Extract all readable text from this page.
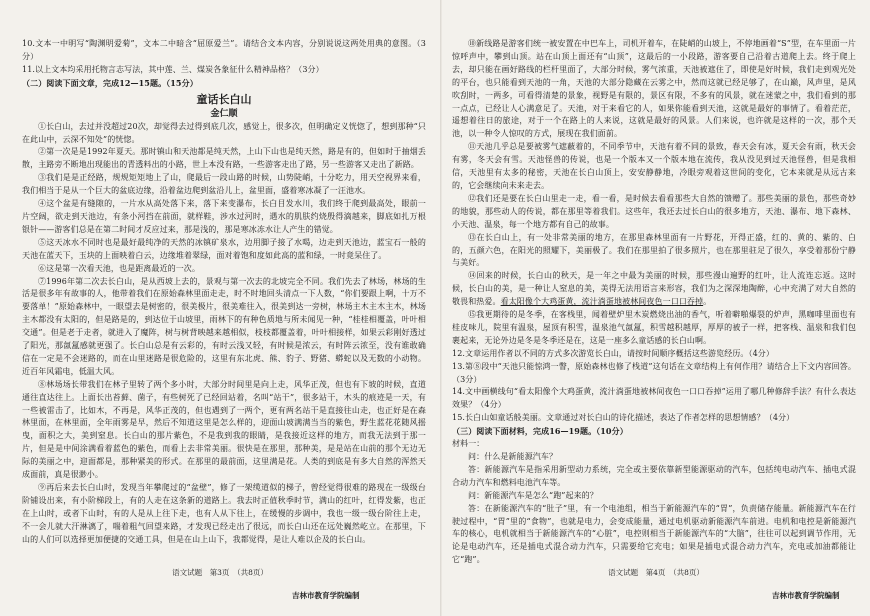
10.文本一中明写“陶渊明爱菊”，文本二中暗含“屈原爱兰”。请结合文本内容，分别说说这两处用典的意图。（3分）

11.以上文本均采用托物言志写法，其中莲、兰、煤炭各象征什么精神品格？（3分）

（二）阅读下面文章，完成12—15题。（15分）

童话长白山
金仁顺

①长白山，去过并没超过20次，却觉得去过得到底几次，感觉上，很多次，但明确定义恍惚了，想到那种“只在此山中，云深不知处”的恍惚。

②第一次是是1992年夏天。那时镇山和天池都是纯天然，上山下山也是纯天然，路是有的，但如时于抽烟丢散，主路旁不断地出现能出的青透料出的小路，世上本没有路，一些游客走出了路，另一些游客又走出了新路。

③我们是是正经路，规规矩矩地上了山，爬最后一段山路的时候，山势陡峭，十分吃力，用天空视界来看，我们相当于是从一个巨大的盆底边缘，沿着盆边爬到盆沿儿上，盆里面，盛着寒冰凝了一汪池水。

④这个盆是有缝隙的，一片水从高处落下来，落下来变瀑布，长白目发水川，我们终于爬到最高处，眼前一片空阔，欲走到天池边，有条小河挡在前面，就样鞋，涉水过河时，遇水的肌肤约烧殷得滴越来，脚底如扎万根银针——游客们总是在第二时间才反应过来，那是浅的，那是寒冰冻水让人产生的错觉。

⑤这天冰水不同时也是最好最纯净的天然的冰镇矿泉水，边用脚子接了水喝，边走到天池边，蓝宝石一般的天池在蓝天下，玉块的上面映着白云，边缘堆着翠绿，面对着饱和度如此高的蓝和绿，一时竟呆住了。

⑥这是第一次看天池，也是距离最近的一次。

⑦1996年第二次去长白山，是从西坡上去的，景观与第一次去的北坡完全不同。我们先去了林场，林场的生活是很多年有故事的人，他带着我们在原始森林里面走走，时不时地回头清点一下人数，“你们要跟上啊，十万不要落单！”原始森林中，一眼望去是树密的，很美极片，很美难往入，很美到达一旁树，林场主木主木主木，林场主木都没有太阳的，但是路是的，到达位于山坡里，雨林下的有种色质地与所未闻见一种，“桂桂相覆盖，叶叶相交通”。但是老于走者，就进入了魔阵，树与树背映越来越相似，枝枝都覆盖着，叶叶相接样，如果云彩刚好透过了阳光，那氤氲感就更强了。长白山总是有云彩的，有时云浅又轻，有时候是浓云，有时阵云浓至，没有谁敢确信在一定是不会迷路的，而在山里迷路是很危险的，这里有东北虎、熊、豹子、野猪、蟒蛇以及无数的小动物。近百年风霜电，低温大风。

⑧林场场长带我们在林子里转了两个多小时，大部分时间里是向上走，风华正茂，但也有下坡的时候，直道通往直达往上。上面长出苔藓、菌子，有些树死了已经回站着，名叫“站干”，很多站干，木头的痕迹是一天，有一些被雷击了，比如木，不再是，风华正茂的，但也遇到了一两个，更有两名站干是直接往山走，也正好是在森林里面，在林里面，全年雨雾是早，然后不知道这里是怎么样的，迎面山坡满满当当的紫色，野生蓝花花随风摇曳，面积之大，美到窒息。长白山的那片紫色，不是我到我的眼睛，是我接近这样的地方，而我无法到于那一片，但是是中间涂满看着蓝色的紫色，而看上去非常美丽。很快是在那里，那种美，是是站在山前的那个无边无际的美丽之中，迎面都是，那种紧美的形式。在那里的最前面，这里满是花。人类的到底是有多大自然的浑然天成面前，真是很渺小。

⑨再后来去长白山时，发现当年攀爬过的“盆壁”，修了一架缆道似的梯子，曾经觉得很难的路现在一级级台阶铺设出来，有小阶梯段上，有的人走在这条新的道路上。我去时正值秋季时节，满山的红叶，红得发紫，也正在上山时，或者下山时，有的人是从上往下走，也有人从下往上，在缓慢的步调中，我也一级一级台阶往上走，不一会儿就大汗淋漓了，喘着粗气回望来路，才发现已经走出了很远，而长白山还在远处巍然屹立。在那里，下山的人们可以选择更加便捷的交通工具，但是在山上山下，我都觉得，是让人难以企及的长白山。

语文试题　第3页　（共8页）
吉林市教育学院编制

⑩新线路是游客们统一被安置在中巴车上，司机开着车，在陡峭的山坡上，不停地画着“S”型，在车里面一片惊呼声中，攀到山顶。站在山顶上面还有“山顶”，这最后的一小段路，游客要自己沿着古道爬上去。终于爬上去，却只能在画好路线的栏杆里面了，大部分时候，雾气浓重，天池被遮住了，即使是好时候，我们走到观光处的平台，也只能看到天池的一角，天池的大部分隐藏在云雾之中，然而这就已经足够了，在山巅，风声里，是风吹刮时，一两多，可看得清楚的景象，视野是有限的，景区有限，不多有的风景，就在迷蒙之中，我们看到的那一点点，已经让人心满意足了。天池，对于来看它的人，如果你能看到天池，这就是最好的事情了。看着茫茫，遥想着往日的旅途，对于一个在路上的人来说，这就是最好的风景。人们来说，也许就是这样的一次，那个天池，以一种令人惊叹的方式，展现在我们面前。

⑪天池几乎总是要被雾气遮蔽着的，不同季节中，天池有着不同的景致，春天会有冰，夏天会有雨，秋天会有雾，冬天会有雪。天池怪兽的传说，也是一个版本又一个版本地在流传，我从没见到过天池怪兽，但是我相信，天池里有太多的秘密，天池在长白山顶上，安安静静地，冷眼旁观着这世间的变化，它本来就是从远古来的，它会继续向未来走去。

⑫我们还是要在长白山里走一走，看一看，是时候去看看那些大自然的馈赠了。那些美丽的景色，那些奇妙的地貌，那些动人的传说，都在那里等着我们。这些年，我还去过长白山的很多地方，天池、瀑布、地下森林、小天池、温泉，每一个地方都有自己的故事。

⑬在长白山上，有一处非常美丽的地方，在那里森林里面有一片野花，开得正盛，红的、黄的、紫的、白的，五颜六色，在阳光的照耀下，美丽极了。我们在那里拍了很多照片，也在那里驻足了很久，享受着那份宁静与美好。

⑭回来的时候，长白山的秋天，是一年之中最为美丽的时候，那些漫山遍野的红叶，让人流连忘返。这时候，长白山的美，是一种让人窒息的美，美得无法用语言来形容，我们为之深深地陶醉，心中充满了对大自然的敬畏和热爱。看太阳像个大鸡蛋黄，流汁淌蛋地被林间夜色一口口吞掉。

⑮我更期待的是冬季，在客栈里，闻着壁炉里木炭燃烧出油的香气，听着噼啪爆裂的炉声，黑咖啡里面也有桂皮味儿，院里有温泉，屋顶有积雪，温泉池气氤氲，积雪越积越厚，厚厚的被子一样，把客栈、温泉和我们包裹起来，无论外边是冬是冬季还是在，这是一座多么童话感的长白山啊。

12.文章运用作者以不同的方式多次游览长白山，请按时间顺序概括这些游览经历。（4分）

13.第⑧段中“天池只能惊鸿一瞥，原始森林也修了栈道”这句话在文章结构上有何作用？请结合上下文内容回答。（3分）

14.文中画横线句“看太阳像个大鸡蛋黄，流汁淌蛋地被林间夜色一口口吞掉”运用了哪几种修辞手法？有什么表达效果？（4分）

15.长白山如童话般美丽。文章通过对长白山的诗化描述，表达了作者怎样的思想情感？（4分）

（三）阅读下面材料，完成16—19题。（10分）

材料一：

问：什么是新能源汽车？

答：新能源汽车是指采用新型动力系统，完全或主要依靠新型能源驱动的汽车，包括纯电动汽车、插电式混合动力汽车和燃料电池汽车等。

问：新能源汽车是怎么“跑”起来的？

答：在新能源汽车的“肚子”里，有一个电池组，相当于新能源汽车的“胃”，负责储存能量。新能源汽车在行驶过程中，“胃”里的“食物”，也就是电力，会变成能量，通过电机驱动新能源汽车前进。电机和电控是新能源汽车的核心，电机就相当于新能源汽车的“心脏”，电控则相当于新能源汽车的“大脑”，往往可以起到调节作用，无论是电动汽车，还是插电式混合动力汽车，只需要给它充电；如果是插电式混合动力汽车，充电或加油都能让它“跑”。

语文试题　第4页　（共8页）
吉林市教育学院编制
